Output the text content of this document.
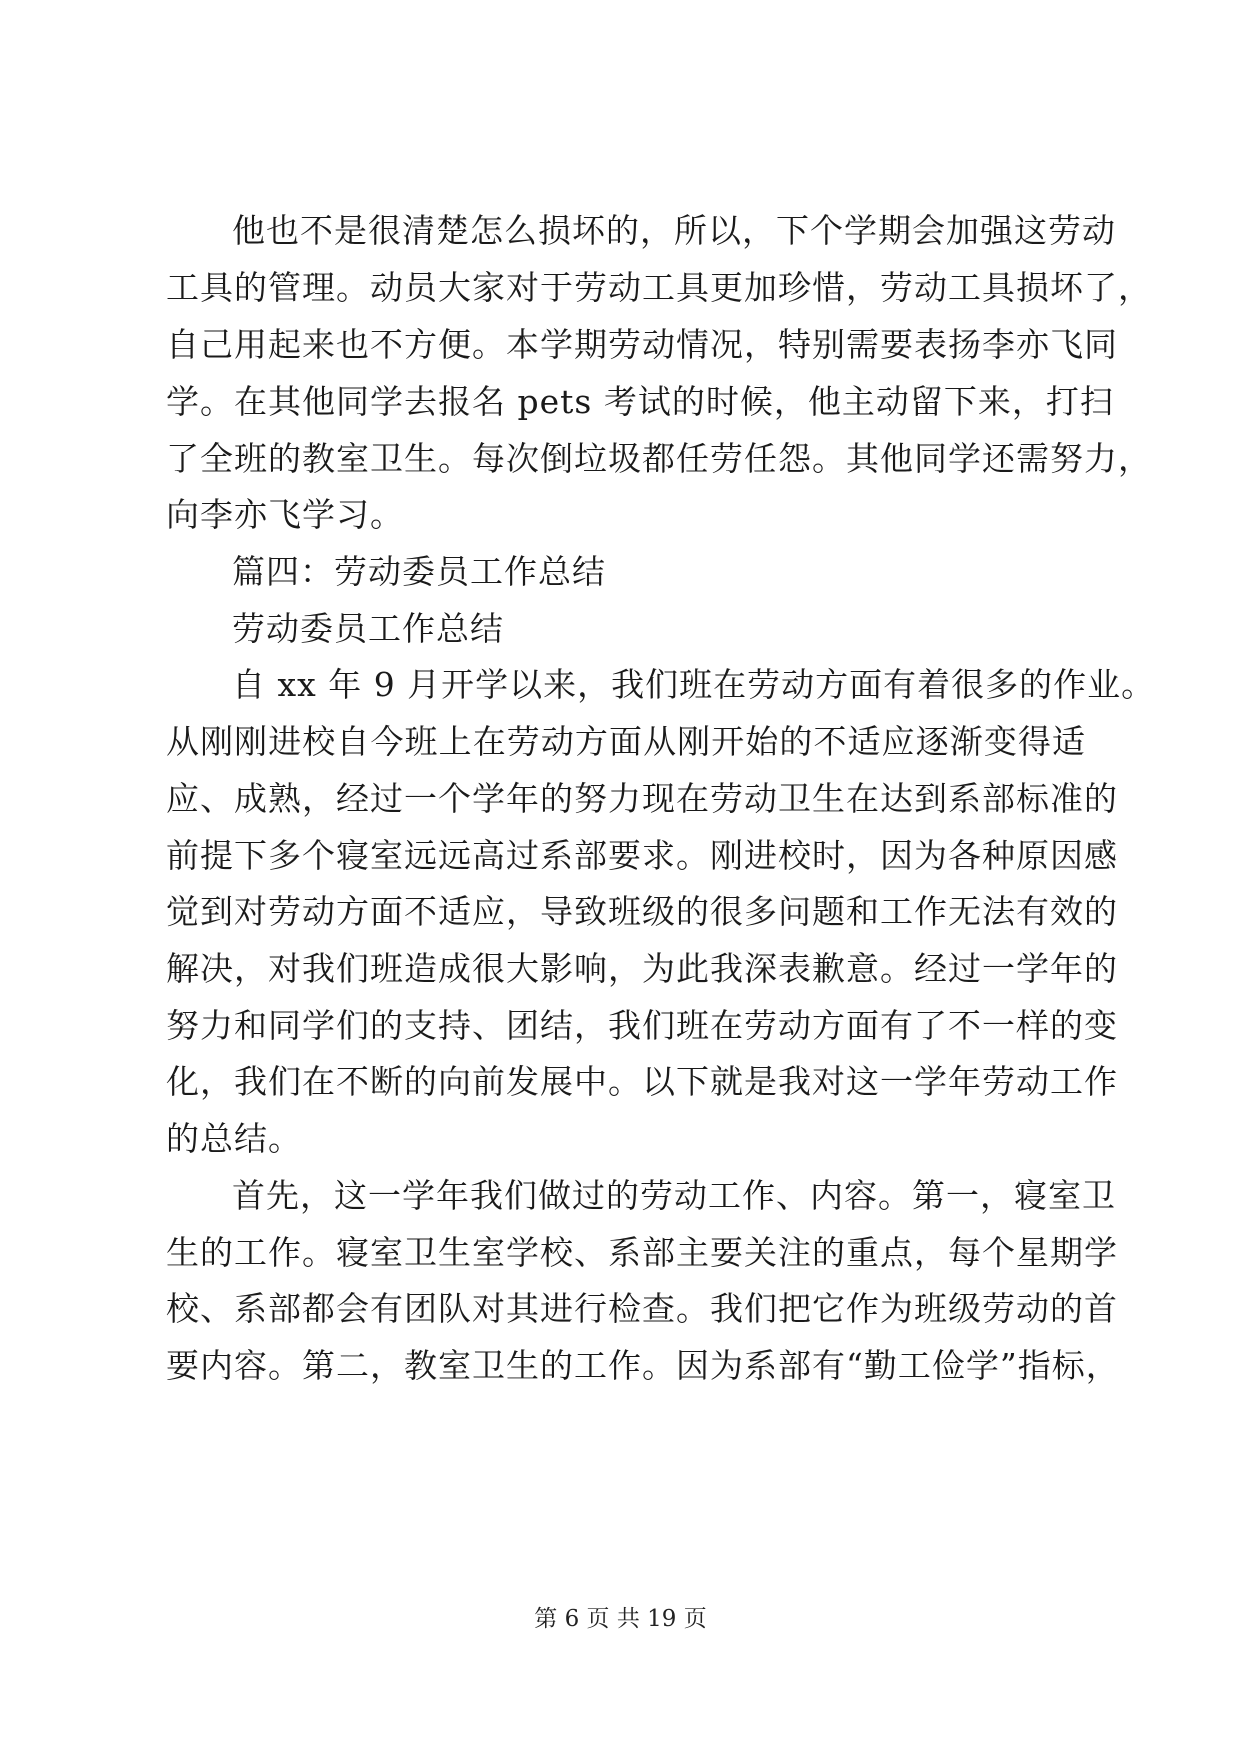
他也不是很清楚怎么损坏的，所以，下个学期会加强这劳动
工具的管理。动员大家对于劳动工具更加珍惜，劳动工具损坏了，
自己用起来也不方便。本学期劳动情况，特别需要表扬李亦飞同
学。在其他同学去报名 pets 考试的时候，他主动留下来，打扫
了全班的教室卫生。每次倒垃圾都任劳任怨。其他同学还需努力，
向李亦飞学习。
篇四：劳动委员工作总结
劳动委员工作总结
自 xx 年 9 月开学以来，我们班在劳动方面有着很多的作业。
从刚刚进校自今班上在劳动方面从刚开始的不适应逐渐变得适
应、成熟，经过一个学年的努力现在劳动卫生在达到系部标准的
前提下多个寝室远远高过系部要求。刚进校时，因为各种原因感
觉到对劳动方面不适应，导致班级的很多问题和工作无法有效的
解决，对我们班造成很大影响，为此我深表歉意。经过一学年的
努力和同学们的支持、团结，我们班在劳动方面有了不一样的变
化，我们在不断的向前发展中。以下就是我对这一学年劳动工作
的总结。
首先，这一学年我们做过的劳动工作、内容。第一，寝室卫
生的工作。寝室卫生室学校、系部主要关注的重点，每个星期学
校、系部都会有团队对其进行检查。我们把它作为班级劳动的首
要内容。第二，教室卫生的工作。因为系部有“勤工俭学”指标，
第 6 页 共 19 页
